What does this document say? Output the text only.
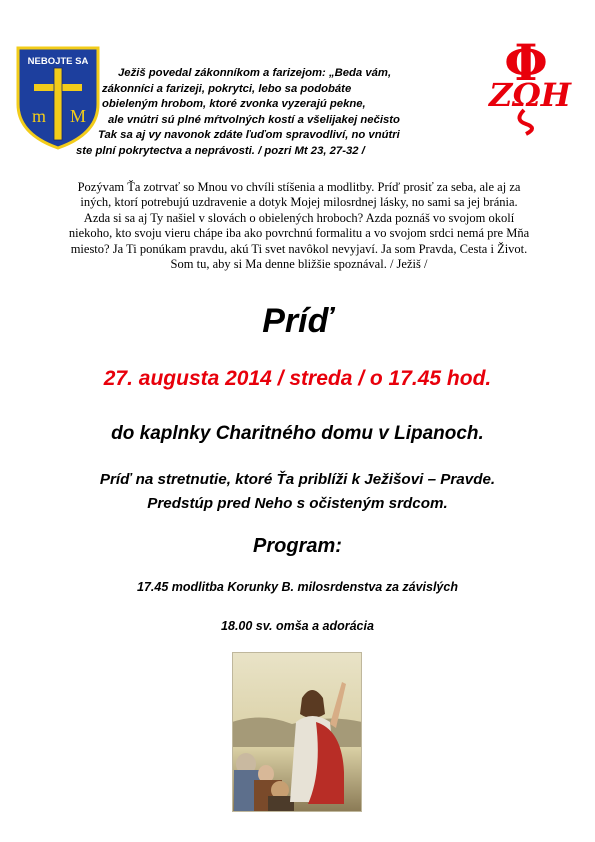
NEBOJTE SA
m M
Φ
ΖΩΗ
Ježiš povedal zákonníkom a farizejom: „Beda vám,
zákonníci a farizeji, pokrytci, lebo sa podobáte
obieleným hrobom, ktoré zvonka vyzerajú pekne,
ale vnútri sú plné mŕtvolných kostí a všelijakej nečisto
Tak sa aj vy navonok zdáte ľuďom spravodliví, no vnútri
ste plní pokrytectva a neprávosti. / pozri Mt 23, 27-32 /
Pozývam Ťa zotrvať so Mnou vo chvíli stíšenia a modlitby. Príď prosiť za seba, ale aj za
iných, ktorí potrebujú uzdravenie a dotyk Mojej milosrdnej lásky, no sami sa jej bránia.
Azda si sa aj Ty našiel v slovách o obielených hroboch? Azda poznáš vo svojom okolí
niekoho, kto svoju vieru chápe iba ako povrchnú formalitu a vo svojom srdci nemá pre Mňa
miesto? Ja Ti ponúkam pravdu, akú Ti svet navôkol nevyjaví. Ja som Pravda, Cesta i Život.
Som tu, aby si Ma denne bližšie spoznával. / Ježiš /
Príď
27. augusta 2014 / streda / o 17.45 hod.
do kaplnky Charitného domu v Lipanoch.
Príď na stretnutie, ktoré Ťa priblíži k Ježišovi – Pravde.
Predstúp pred Neho s očisteným srdcom.
Program:
17.45 modlitba Korunky B. milosrdenstva za závislých
18.00 sv. omša a adorácia
